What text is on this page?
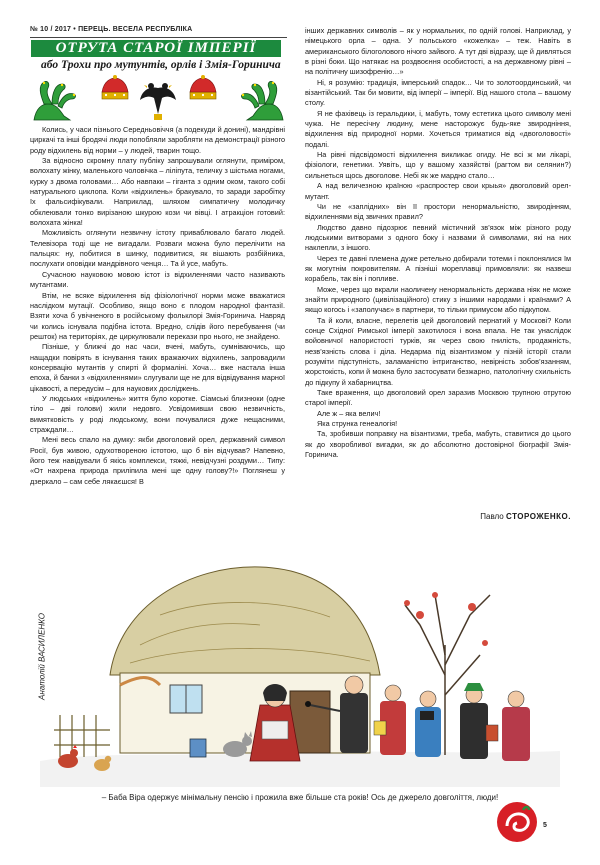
№ 10 / 2017 • ПЕРЕЦЬ. ВЕСЕЛА РЕСПУБЛІКА
ОТРУТА СТАРОЇ ІМПЕРІЇ
або Трохи про мутунтів, орлів і Змія-Горинича

Колись, у часи пізнього Середньовіччя (а подекуди й донині), мандрівні циркачі та інші бродячі люди попобляли заробляти на демонстрації різного роду відхилень від норми – у людей, тварин тощо.

За відносно скромну плату публіку запрошували оглянути, приміром, волохату жінку, маленького чоловічка – ліліпута, теличку з шістьма ногами, курку з двома головами… Або навпаки – гіганта з одним оком, такого собі натурального циклопа. Коли «відхилень» бракувало, то заради заробітку їх фальсифікували. Наприклад, шляхом симпатичну молодичку обклеювали тонко вирізаною шкурою кози чи вівці. І атракціон готовий: волохата жінка!

Можливість оглянути незвичну істоту приваблювало багато людей. Телевізора тоді ще не вигадали. Розваги можна було перелічити на пальцях: ну, побитися в шинку, подивитися, як вішають розбійника, послухати оповідки мандрівного ченця… Та й усе, мабуть.

Сучасною науковою мовою істот із відхиленнями часто називають мутантами.

Втім, не всяке відхилення від фізіологічної норми може вважатися наслідком мутації. Особливо, якщо воно є плодом народної фантазії. Взяти хоча б увічненого в російському фольклорі Змія-Горинича. Навряд чи колись існувала подібна істота. Вредно, слідів його перебування (чи решток) на територіях, де циркулювали перекази про нього, не знайдено.

Пізніше, у ближчі до нас часи, вчені, мабуть, сумніваючись, що нащадки повірять в існування таких вражаючих відхилень, запровадили консервацію мутантів у спирті й формаліні. Хоча… вже настала інша епоха, й банки з «відхиленнями» слугували ще не для відвідування марної цікавості, а передусім – для наукових досліджень.

У людських «відхилень» життя було коротке. Сіамські близнюки (одне тіло – дві голови) жили недовго. Усвідомивши свою незвичність, вимятковість у роді людському, вони почувалися дуже нещасними, страждали…

Мені весь спало на думку: якби двоголовий орел, державний символ Росії, був живою, одухотвореною істотою, що б він відчував? Напевно, його теж навідували б якісь комплекси, тяжкі, невідчузні роздуми… Типу: «От нахрена природа приліпила мені ще одну голову?!» Поглянеш у дзеркало – сам себе лякаєшся! В

інших державних символів – як у нормальних, по одній голові. Наприклад, у німецького орла – одна. У польського «кожелка» – теж. Навіть в американського білоголового нічого зайвого. А тут дві відразу, ще й дивляться в різні боки. Що натякає на роздвоєння особистості, а на державному рівні – на політичну шизофренію…»

Ні, я розумію: традиція, імперський спадок… Чи то золотоординський, чи візантійський. Так би мовити, від імперії – імперії. Від нашого стола – вашому столу.

Я не фахівець із геральдики, і, мабуть, тому естетика цього символу мені чужа. Не пересічну людину, мене насторожує будь-яке звиродніння, відхилення від природної норми. Хочеться триматися від «двоголовості» подалі.

На рівні підсвідомості відхилення викликає огиду. Не всі ж ми лікарі, фізіологи, генетики. Уявіть, що у вашому хазяйстві (рагтом ви селянин?) сильнеться щось двоголове. Небі як же мардно стало…

А над величезною країною «распростер свои крыья» двоголовий орел-мутант.

Чи не «заплідних» він її простори ненормальністю, звиродінням, відхиленнями від звичних правил?

Людство давно підозрює певний містичний зв’язок між різного роду людськими витворами з одного боку і назвами й символами, які на них наклепли, з іншого.

Через те давні племена дуже ретельно добирали тотеми і поклонялися їм як могутнім покровителям. А пізніші мореплавці примовляли: як назвеш корабель, так він і попливе.

Може, через що вкрали наоличену ненормальність держава ніяк не може знайти природного (цивілізаційного) стику з іншими народами і країнами? А якщо когось і «заполучає» в партнери, то тільки примусом або підкупом.

Та й коли, власне, перелетів цей двоголовий пернатий у Москові? Коли сонце Східної Римської імперії закотилося і вона впала. Не так унаслідок войовничої напористості турків, як через свою гнилість, продажність, незв’язність слова і діла. Недарма під візантизмом у пізній історії стали розуміти підступність, заламаністю інтриганство, невірність зобов’язанням, жорстокість, копи й можна було застосувати безжарно, патологічну схильність до підкупу й хабарництва.

Таке враження, що двоголовий орел заразив Москвою трупною отрутою старої імперії.

Але ж – яка велич!

Яка струнка генеалогія!

Та, зробивши поправку на візантизми, треба, мабуть, ставитися до цього як до хворобливої вигадки, як до абсолютно достовірної біографії Змія-Горинича.

Павло СТОРОЖЕНКО.
Анатолій ВАСИЛЕНКО
– Баба Віра одержує мінімальну пенсію і прожила вже більше ста років! Ось де джерело довголіття, люди!
5
